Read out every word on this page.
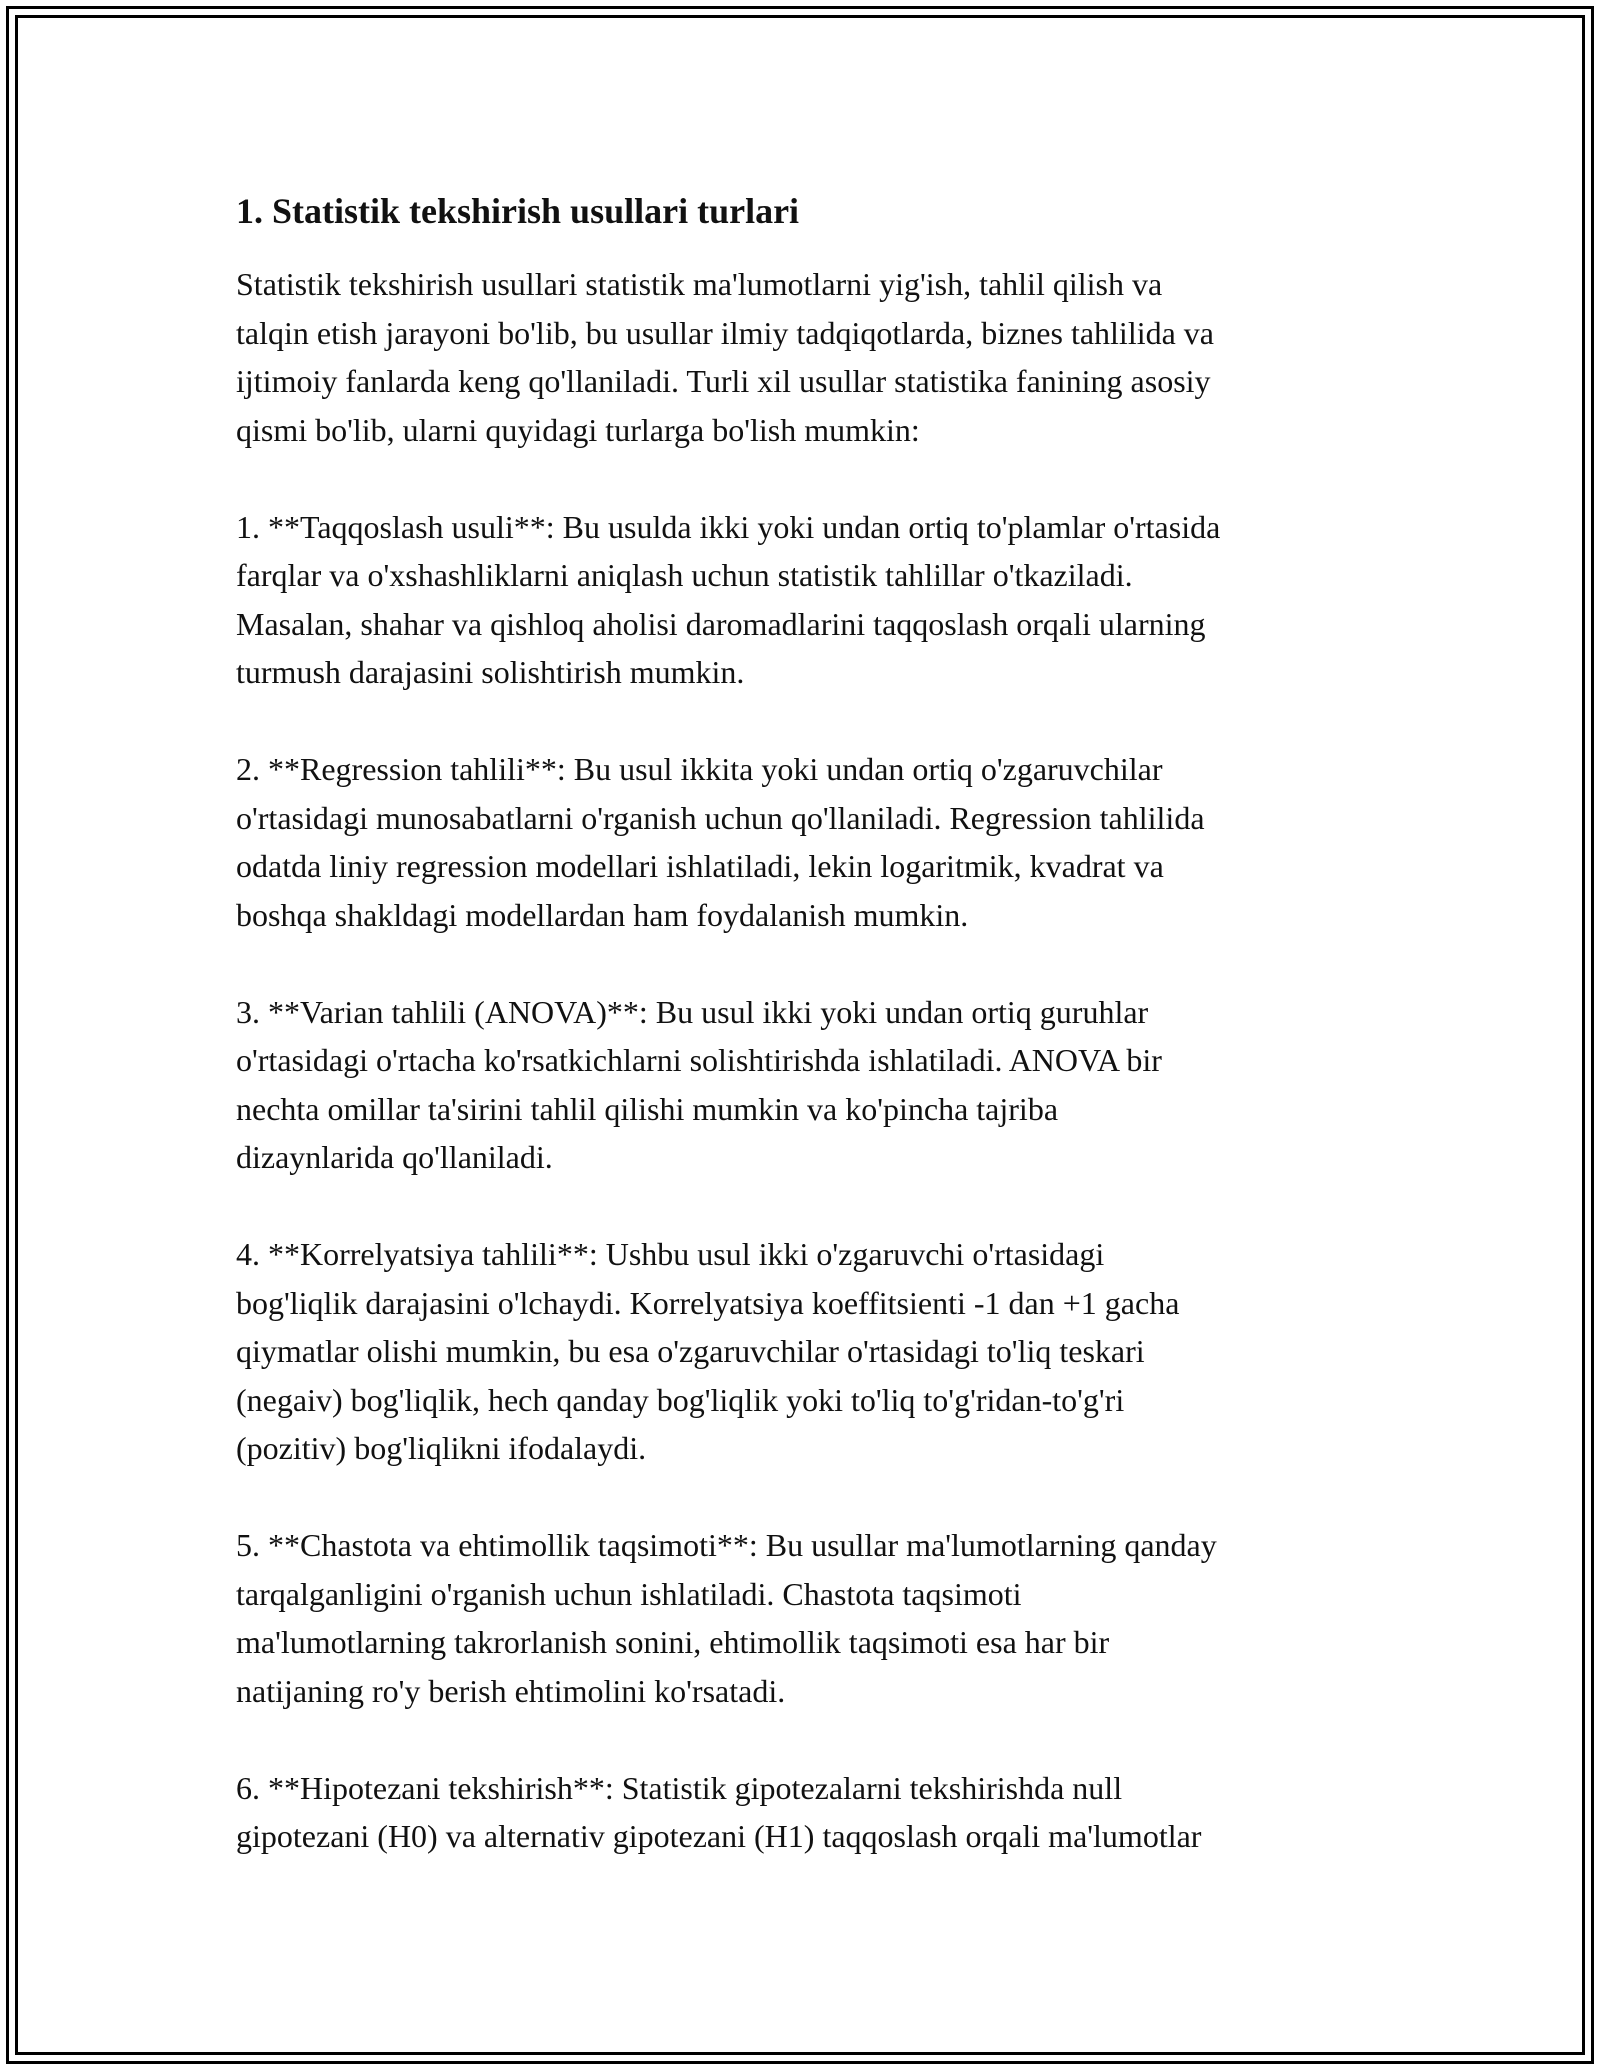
1. Statistik tekshirish usullari turlari

Statistik tekshirish usullari statistik ma'lumotlarni yig'ish, tahlil qilish va
talqin etish jarayoni bo'lib, bu usullar ilmiy tadqiqotlarda, biznes tahlilida va
ijtimoiy fanlarda keng qo'llaniladi. Turli xil usullar statistika fanining asosiy
qismi bo'lib, ularni quyidagi turlarga bo'lish mumkin:

1. **Taqqoslash usuli**: Bu usulda ikki yoki undan ortiq to'plamlar o'rtasida
farqlar va o'xshashliklarni aniqlash uchun statistik tahlillar o'tkaziladi.
Masalan, shahar va qishloq aholisi daromadlarini taqqoslash orqali ularning
turmush darajasini solishtirish mumkin.

2. **Regression tahlili**: Bu usul ikkita yoki undan ortiq o'zgaruvchilar
o'rtasidagi munosabatlarni o'rganish uchun qo'llaniladi. Regression tahlilida
odatda liniy regression modellari ishlatiladi, lekin logaritmik, kvadrat va
boshqa shakldagi modellardan ham foydalanish mumkin.

3. **Varian tahlili (ANOVA)**: Bu usul ikki yoki undan ortiq guruhlar
o'rtasidagi o'rtacha ko'rsatkichlarni solishtirishda ishlatiladi. ANOVA bir
nechta omillar ta'sirini tahlil qilishi mumkin va ko'pincha tajriba
dizaynlarida qo'llaniladi.

4. **Korrelyatsiya tahlili**: Ushbu usul ikki o'zgaruvchi o'rtasidagi
bog'liqlik darajasini o'lchaydi. Korrelyatsiya koeffitsienti -1 dan +1 gacha
qiymatlar olishi mumkin, bu esa o'zgaruvchilar o'rtasidagi to'liq teskari
(negaiv) bog'liqlik, hech qanday bog'liqlik yoki to'liq to'g'ridan-to'g'ri
(pozitiv) bog'liqlikni ifodalaydi.

5. **Chastota va ehtimollik taqsimoti**: Bu usullar ma'lumotlarning qanday
tarqalganligini o'rganish uchun ishlatiladi. Chastota taqsimoti
ma'lumotlarning takrorlanish sonini, ehtimollik taqsimoti esa har bir
natijaning ro'y berish ehtimolini ko'rsatadi.

6. **Hipotezani tekshirish**: Statistik gipotezalarni tekshirishda null
gipotezani (H0) va alternativ gipotezani (H1) taqqoslash orqali ma'lumotlar
